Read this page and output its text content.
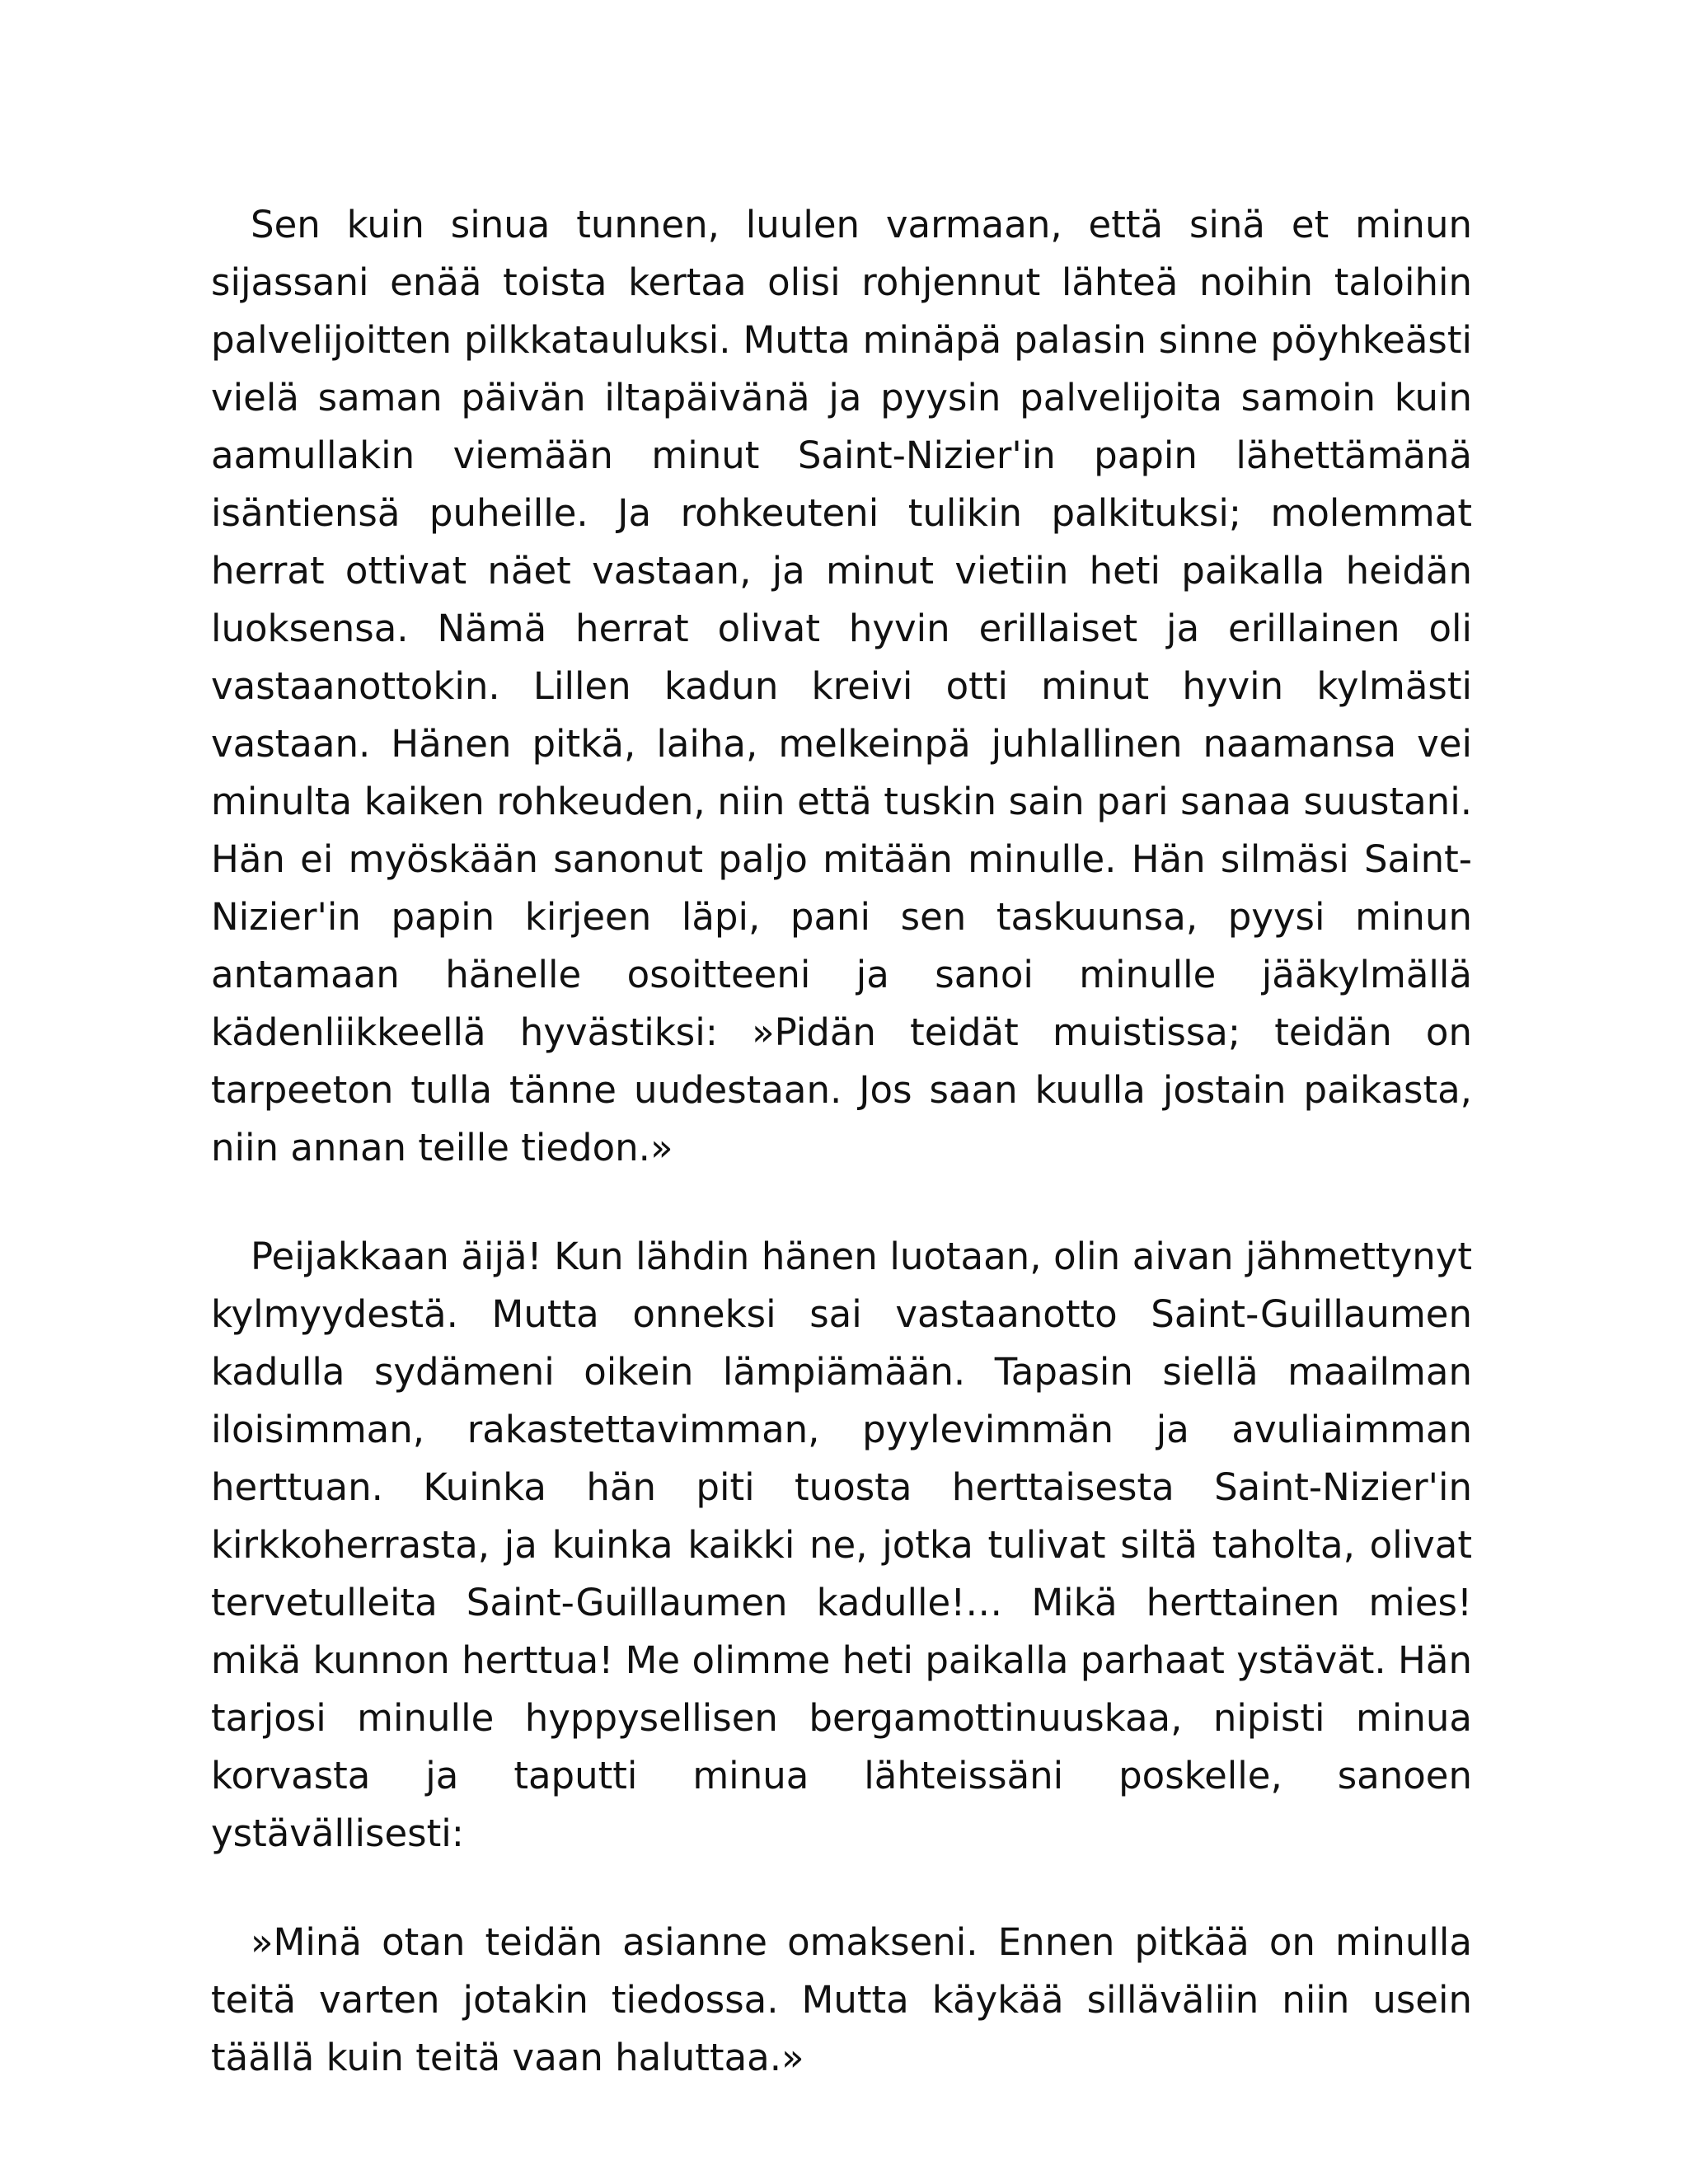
Sen kuin sinua tunnen, luulen varmaan, että sinä et minun sijassani enää toista kertaa olisi rohjennut lähteä noihin taloihin palvelijoitten pilkkatauluksi. Mutta minäpä palasin sinne pöyhkeästi vielä saman päivän iltapäivänä ja pyysin palvelijoita samoin kuin aamullakin viemään minut Saint-Nizier'in papin lähettämänä isäntiensä puheille. Ja rohkeuteni tulikin palkituksi; molemmat herrat ottivat näet vastaan, ja minut vietiin heti paikalla heidän luoksensa. Nämä herrat olivat hyvin erillaiset ja erillainen oli vastaanottokin. Lillen kadun kreivi otti minut hyvin kylmästi vastaan. Hänen pitkä, laiha, melkeinpä juhlallinen naamansa vei minulta kaiken rohkeuden, niin että tuskin sain pari sanaa suustani. Hän ei myöskään sanonut paljo mitään minulle. Hän silmäsi Saint-Nizier'in papin kirjeen läpi, pani sen taskuunsa, pyysi minun antamaan hänelle osoitteeni ja sanoi minulle jääkylmällä kädenliikkeellä hyvästiksi: »Pidän teidät muistissa; teidän on tarpeeton tulla tänne uudestaan. Jos saan kuulla jostain paikasta, niin annan teille tiedon.»

Peijakkaan äijä! Kun lähdin hänen luotaan, olin aivan jähmettynyt kylmyydestä. Mutta onneksi sai vastaanotto Saint-Guillaumen kadulla sydämeni oikein lämpiämään. Tapasin siellä maailman iloisimman, rakastettavimman, pyylevimmän ja avuliaimman herttuan. Kuinka hän piti tuosta herttaisesta Saint-Nizier'in kirkkoherrasta, ja kuinka kaikki ne, jotka tulivat siltä taholta, olivat tervetulleita Saint-Guillaumen kadulle!… Mikä herttainen mies! mikä kunnon herttua! Me olimme heti paikalla parhaat ystävät. Hän tarjosi minulle hyppysellisen bergamottinuuskaa, nipisti minua korvasta ja taputti minua lähteissäni poskelle, sanoen ystävällisesti:

»Minä otan teidän asianne omakseni. Ennen pitkää on minulla teitä varten jotakin tiedossa. Mutta käykää silläväliin niin usein täällä kuin teitä vaan haluttaa.»
